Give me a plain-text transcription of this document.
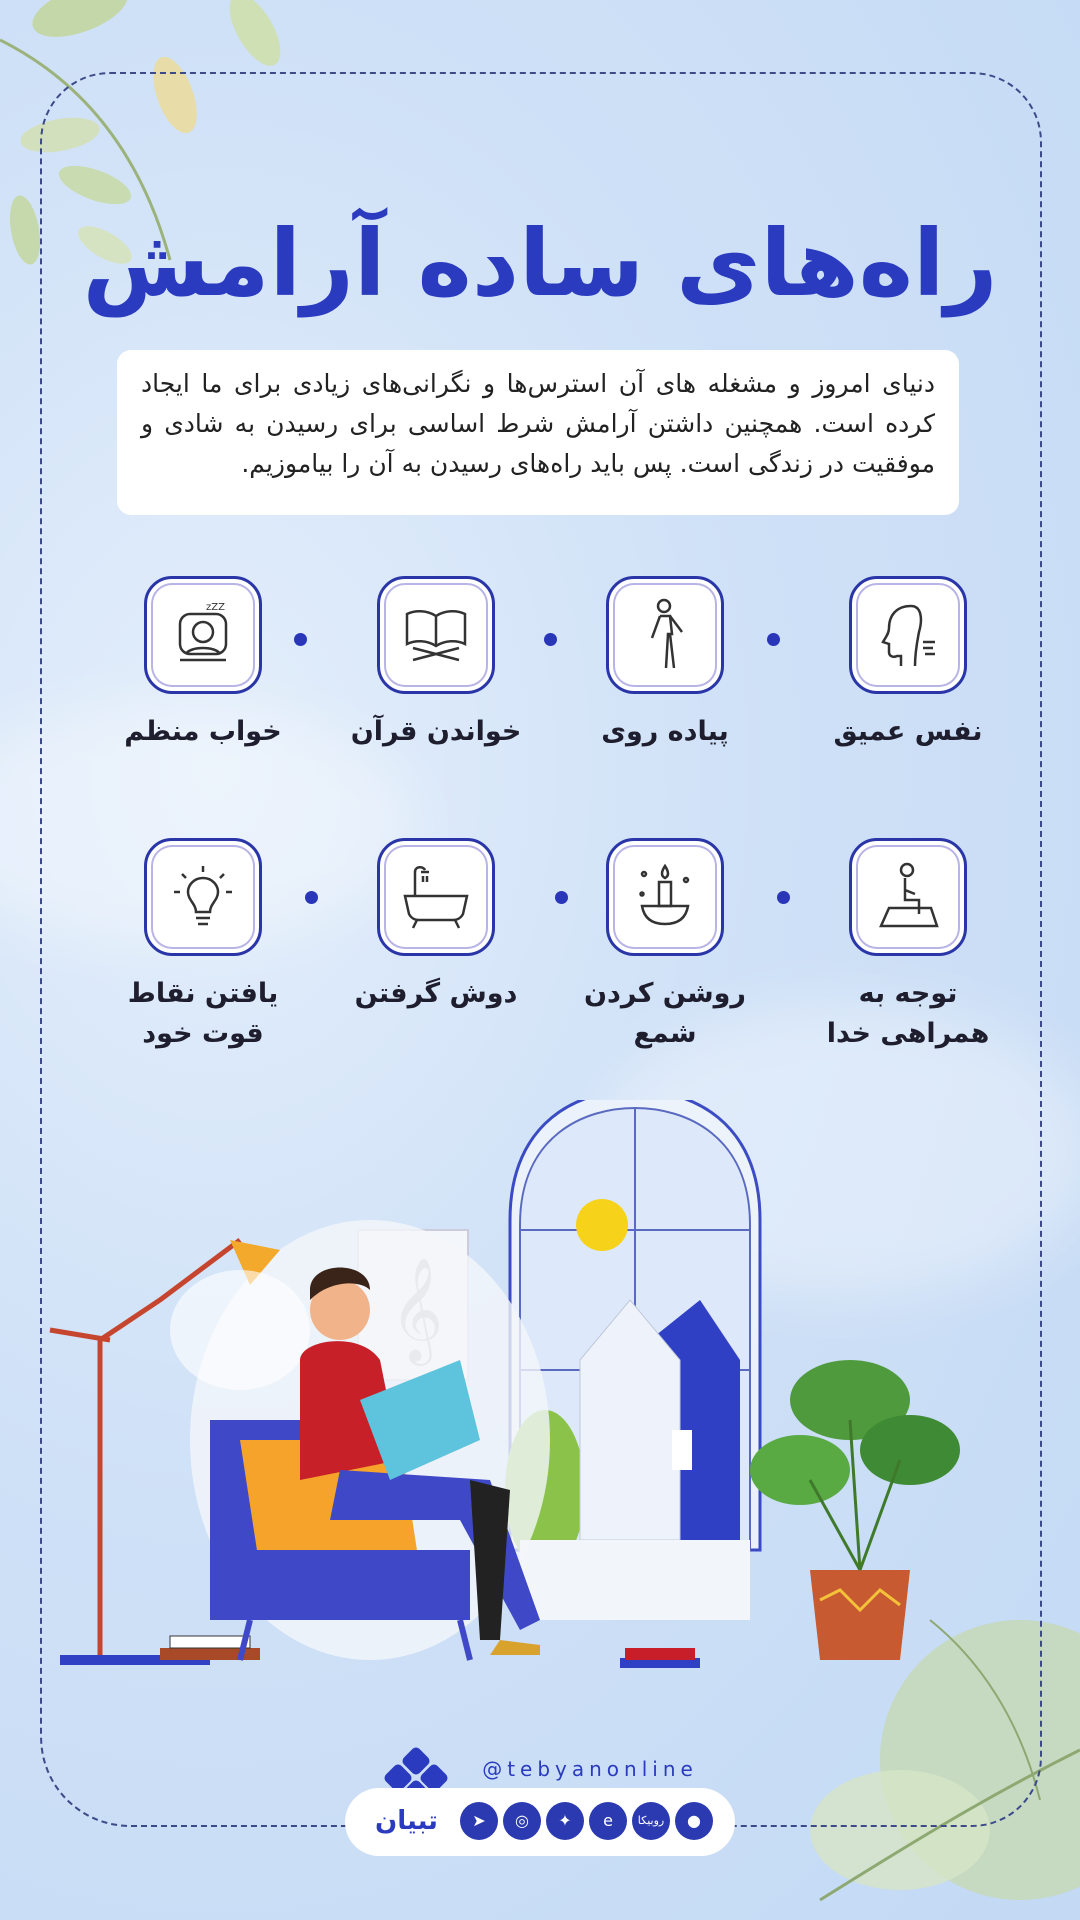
راه‌های ساده آرامش
دنیای امروز و مشغله‌ های آن استرس‌ها و نگرانی‌های زیادی برای ما ایجاد کرده است. همچنین داشتن آرامش شرط اساسی برای رسیدن به شادی و موفقیت در زندگی است. پس باید راه‌های رسیدن به آن را بیاموزیم.
نفس عمیق
پیاده روی
خواندن قرآن
zZZ
خواب منظم
توجه به همراهی خدا
روشن کردن شمع
دوش گرفتن
یافتن نقاط قوت خود
@tebyanonline
تبیان	➤	◎	✦	e	روبیکا	●
